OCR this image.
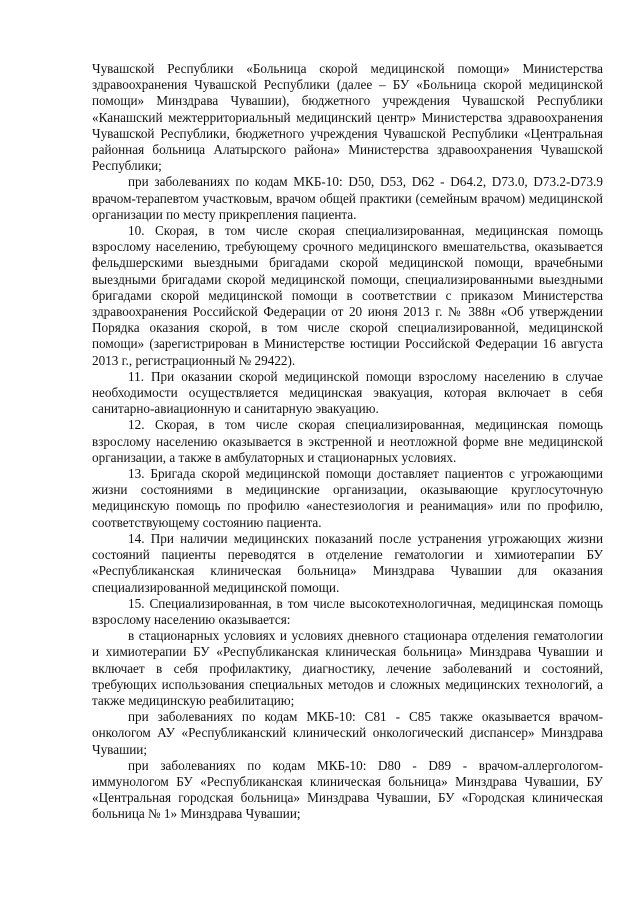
Чувашской Республики «Больница скорой медицинской помощи» Министерства здравоохранения Чувашской Республики (далее – БУ «Больница скорой медицинской помощи» Минздрава Чувашии), бюджетного учреждения Чувашской Республики «Канашский межтерриториальный медицинский центр» Министерства здравоохранения Чувашской Республики, бюджетного учреждения Чувашской Республики «Центральная районная больница Алатырского района» Министерства здравоохранения Чувашской Республики;

при заболеваниях по кодам МКБ-10: D50, D53, D62 - D64.2, D73.0, D73.2-D73.9 врачом-терапевтом участковым, врачом общей практики (семейным врачом) медицинской организации по месту прикрепления пациента.

10. Скорая, в том числе скорая специализированная, медицинская помощь взрослому населению, требующему срочного медицинского вмешательства, оказывается фельдшерскими выездными бригадами скорой медицинской помощи, врачебными выездными бригадами скорой медицинской помощи, специализированными выездными бригадами скорой медицинской помощи в соответствии с приказом Министерства здравоохранения Российской Федерации от 20 июня 2013 г. № 388н «Об утверждении Порядка оказания скорой, в том числе скорой специализированной, медицинской помощи» (зарегистрирован в Министерстве юстиции Российской Федерации 16 августа 2013 г., регистрационный № 29422).

11. При оказании скорой медицинской помощи взрослому населению в случае необходимости осуществляется медицинская эвакуация, которая включает в себя санитарно-авиационную и санитарную эвакуацию.

12. Скорая, в том числе скорая специализированная, медицинская помощь взрослому населению оказывается в экстренной и неотложной форме вне медицинской организации, а также в амбулаторных и стационарных условиях.

13. Бригада скорой медицинской помощи доставляет пациентов с угрожающими жизни состояниями в медицинские организации, оказывающие круглосуточную медицинскую помощь по профилю «анестезиология и реанимация» или по профилю, соответствующему состоянию пациента.

14. При наличии медицинских показаний после устранения угрожающих жизни состояний пациенты переводятся в отделение гематологии и химиотерапии БУ «Республиканская клиническая больница» Минздрава Чувашии для оказания специализированной медицинской помощи.

15. Специализированная, в том числе высокотехнологичная, медицинская помощь взрослому населению оказывается:

в стационарных условиях и условиях дневного стационара отделения гематологии и химиотерапии БУ «Республиканская клиническая больница» Минздрава Чувашии и включает в себя профилактику, диагностику, лечение заболеваний и состояний, требующих использования специальных методов и сложных медицинских технологий, а также медицинскую реабилитацию;

при заболеваниях по кодам МКБ-10: C81 - C85 также оказывается врачом-онкологом АУ «Республиканский клинический онкологический диспансер» Минздрава Чувашии;

при заболеваниях по кодам МКБ-10: D80 - D89 - врачом-аллергологом-иммунологом БУ «Республиканская клиническая больница» Минздрава Чувашии, БУ «Центральная городская больница» Минздрава Чувашии, БУ «Городская клиническая больница № 1» Минздрава Чувашии;
